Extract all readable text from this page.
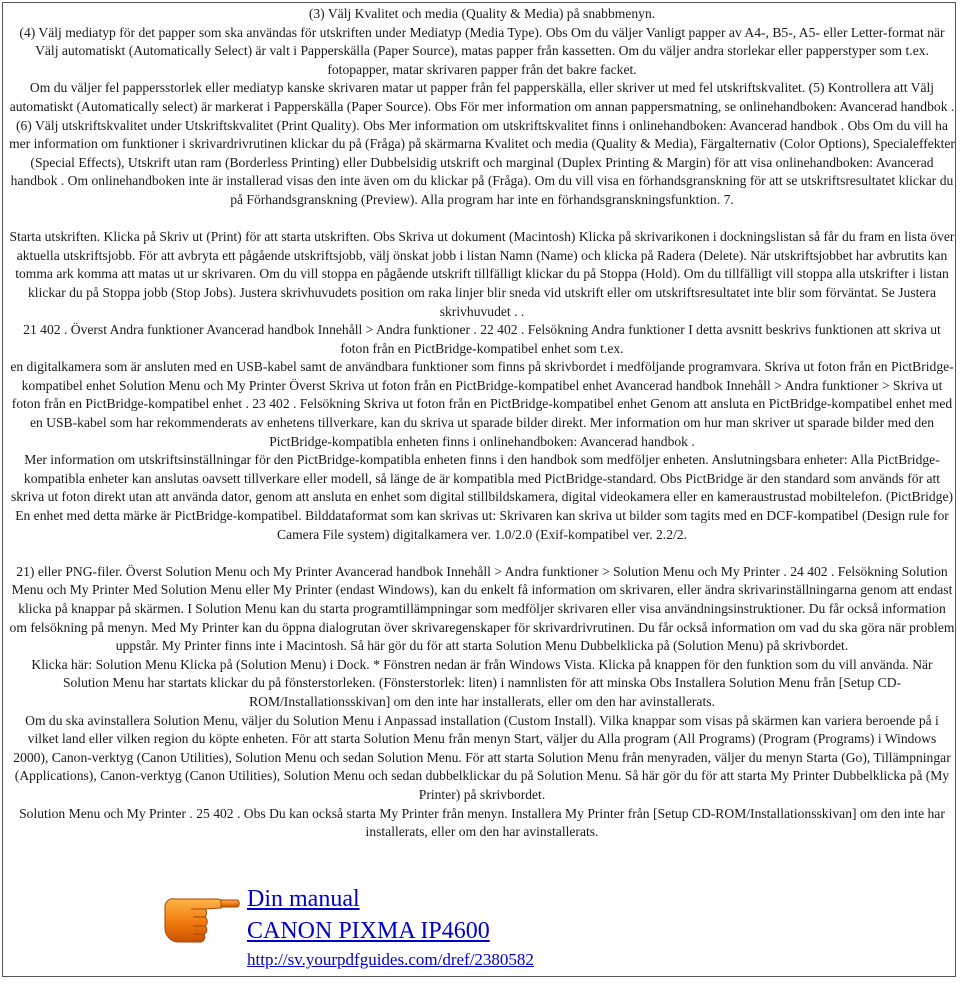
(3) Välj Kvalitet och media (Quality & Media) på snabbmenyn.

(4) Välj mediatyp för det papper som ska användas för utskriften under Mediatyp (Media Type). Obs Om du väljer Vanligt papper av A4-, B5-, A5- eller Letter-format när Välj automatiskt (Automatically Select) är valt i Papperskälla (Paper Source), matas papper från kassetten. Om du väljer andra storlekar eller papperstyper som t.ex. fotopapper, matar skrivaren papper från det bakre facket.

Om du väljer fel pappersstorlek eller mediatyp kanske skrivaren matar ut papper från fel papperskälla, eller skriver ut med fel utskriftskvalitet. (5) Kontrollera att Välj automatiskt (Automatically select) är markerat i Papperskälla (Paper Source). Obs För mer information om annan pappersmatning, se onlinehandboken: Avancerad handbok . (6) Välj utskriftskvalitet under Utskriftskvalitet (Print Quality). Obs Mer information om utskriftskvalitet finns i onlinehandboken: Avancerad handbok . Obs Om du vill ha mer information om funktioner i skrivardrivrutinen klickar du på (Fråga) på skärmarna Kvalitet och media (Quality & Media), Färgalternativ (Color Options), Specialeffekter (Special Effects), Utskrift utan ram (Borderless Printing) eller Dubbelsidig utskrift och marginal (Duplex Printing & Margin) för att visa onlinehandboken: Avancerad handbok . Om onlinehandboken inte är installerad visas den inte även om du klickar på (Fråga). Om du vill visa en förhandsgranskning för att se utskriftsresultatet klickar du på Förhandsgranskning (Preview). Alla program har inte en förhandsgranskningsfunktion. 7.

Starta utskriften. Klicka på Skriv ut (Print) för att starta utskriften. Obs Skriva ut dokument (Macintosh) Klicka på skrivarikonen i dockningslistan så får du fram en lista över aktuella utskriftsjobb. För att avbryta ett pågående utskriftsjobb, välj önskat jobb i listan Namn (Name) och klicka på Radera (Delete). När utskriftsjobbet har avbrutits kan tomma ark komma att matas ut ur skrivaren. Om du vill stoppa en pågående utskrift tillfälligt klickar du på Stoppa (Hold). Om du tillfälligt vill stoppa alla utskrifter i listan klickar du på Stoppa jobb (Stop Jobs). Justera skrivhuvudets position om raka linjer blir sneda vid utskrift eller om utskriftsresultatet inte blir som förväntat. Se Justera skrivhuvudet . .

21 402 . Överst Andra funktioner Avancerad handbok Innehåll > Andra funktioner . 22 402 . Felsökning Andra funktioner I detta avsnitt beskrivs funktionen att skriva ut foton från en PictBridge-kompatibel enhet som t.ex.

en digitalkamera som är ansluten med en USB-kabel samt de användbara funktioner som finns på skrivbordet i medföljande programvara. Skriva ut foton från en PictBridge-kompatibel enhet Solution Menu och My Printer Överst Skriva ut foton från en PictBridge-kompatibel enhet Avancerad handbok Innehåll > Andra funktioner > Skriva ut foton från en PictBridge-kompatibel enhet . 23 402 . Felsökning Skriva ut foton från en PictBridge-kompatibel enhet Genom att ansluta en PictBridge-kompatibel enhet med en USB-kabel som har rekommenderats av enhetens tillverkare, kan du skriva ut sparade bilder direkt. Mer information om hur man skriver ut sparade bilder med den PictBridge-kompatibla enheten finns i onlinehandboken: Avancerad handbok .

Mer information om utskriftsinställningar för den PictBridge-kompatibla enheten finns i den handbok som medföljer enheten. Anslutningsbara enheter: Alla PictBridge-kompatibla enheter kan anslutas oavsett tillverkare eller modell, så länge de är kompatibla med PictBridge-standard. Obs PictBridge är den standard som används för att skriva ut foton direkt utan att använda dator, genom att ansluta en enhet som digital stillbildskamera, digital videokamera eller en kameraustrustad mobiltelefon. (PictBridge) En enhet med detta märke är PictBridge-kompatibel. Bilddataformat som kan skrivas ut: Skrivaren kan skriva ut bilder som tagits med en DCF-kompatibel (Design rule for Camera File system) digitalkamera ver. 1.0/2.0 (Exif-kompatibel ver. 2.2/2.

21) eller PNG-filer. Överst Solution Menu och My Printer Avancerad handbok Innehåll > Andra funktioner > Solution Menu och My Printer . 24 402 . Felsökning Solution Menu och My Printer Med Solution Menu eller My Printer (endast Windows), kan du enkelt få information om skrivaren, eller ändra skrivarinställningarna genom att endast klicka på knappar på skärmen. I Solution Menu kan du starta programtillämpningar som medföljer skrivaren eller visa användningsinstruktioner. Du får också information om felsökning på menyn. Med My Printer kan du öppna dialogrutan över skrivaregenskaper för skrivardrivrutinen. Du får också information om vad du ska göra när problem uppstår. My Printer finns inte i Macintosh. Så här gör du för att starta Solution Menu Dubbelklicka på (Solution Menu) på skrivbordet.

Klicka här: Solution Menu Klicka på (Solution Menu) i Dock. * Fönstren nedan är från Windows Vista. Klicka på knappen för den funktion som du vill använda. När Solution Menu har startats klickar du på fönsterstorleken. (Fönsterstorlek: liten) i namnlisten för att minska Obs Installera Solution Menu från [Setup CD-ROM/Installationsskivan] om den inte har installerats, eller om den har avinstallerats.

Om du ska avinstallera Solution Menu, väljer du Solution Menu i Anpassad installation (Custom Install). Vilka knappar som visas på skärmen kan variera beroende på i vilket land eller vilken region du köpte enheten. För att starta Solution Menu från menyn Start, väljer du Alla program (All Programs) (Program (Programs) i Windows 2000), Canon-verktyg (Canon Utilities), Solution Menu och sedan Solution Menu. För att starta Solution Menu från menyraden, väljer du menyn Starta (Go), Tillämpningar (Applications), Canon-verktyg (Canon Utilities), Solution Menu och sedan dubbelklickar du på Solution Menu. Så här gör du för att starta My Printer Dubbelklicka på (My Printer) på skrivbordet.

Solution Menu och My Printer . 25 402 . Obs Du kan också starta My Printer från menyn. Installera My Printer från [Setup CD-ROM/Installationsskivan] om den inte har installerats, eller om den har avinstallerats.

Din manual
CANON PIXMA IP4600
http://sv.yourpdfguides.com/dref/2380582
